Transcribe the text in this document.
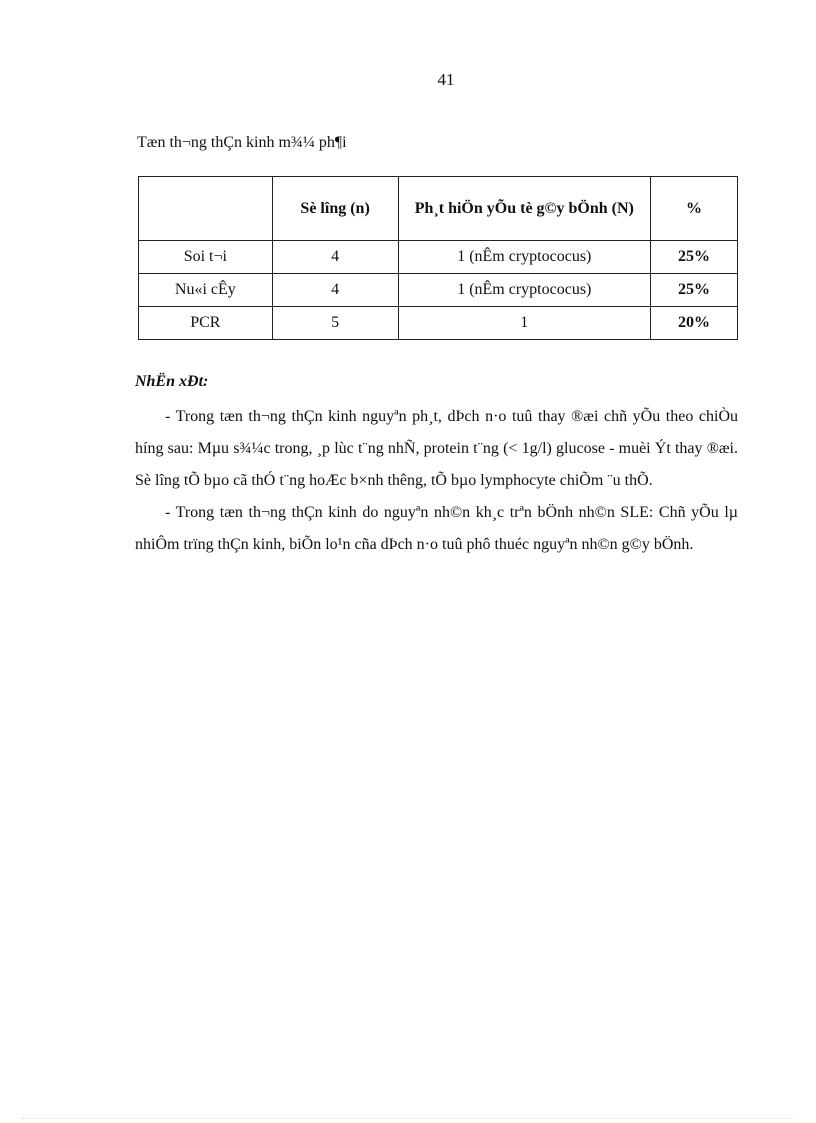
41
Tæn th¬ng thÇn kinh m¾¼ ph¶i
	Sè lîng (n)	Ph¸t hiÖn yÕu tè g©y bÖnh (N)	%
Soi t¬i	4	1 (nÊm cryptococus)	25%
Nu«i cÊy	4	1 (nÊm cryptococus)	25%
PCR	5	1	20%
NhËn xÐt:

- Trong tæn th¬ng thÇn kinh nguyªn ph¸t, dÞch n·o tuû thay ®æi chñ yÕu theo chiÒu híng sau: Mµu s¾¼c trong, ¸p lùc t¨ng nhÑ, protein t¨ng (< 1g/l) glucose - muèi Ýt thay ®æi. Sè lîng tÕ bµo cã thÓ t¨ng hoÆc b×nh thêng, tÕ bµo lymphocyte chiÕm ¨u thÕ.

- Trong tæn th¬ng thÇn kinh do nguyªn nh©n kh¸c trªn bÖnh nh©n SLE: Chñ yÕu lµ nhiÔm trïng thÇn kinh, biÕn lo¹n cña dÞch n·o tuû phô thuéc nguyªn nh©n g©y bÖnh.
